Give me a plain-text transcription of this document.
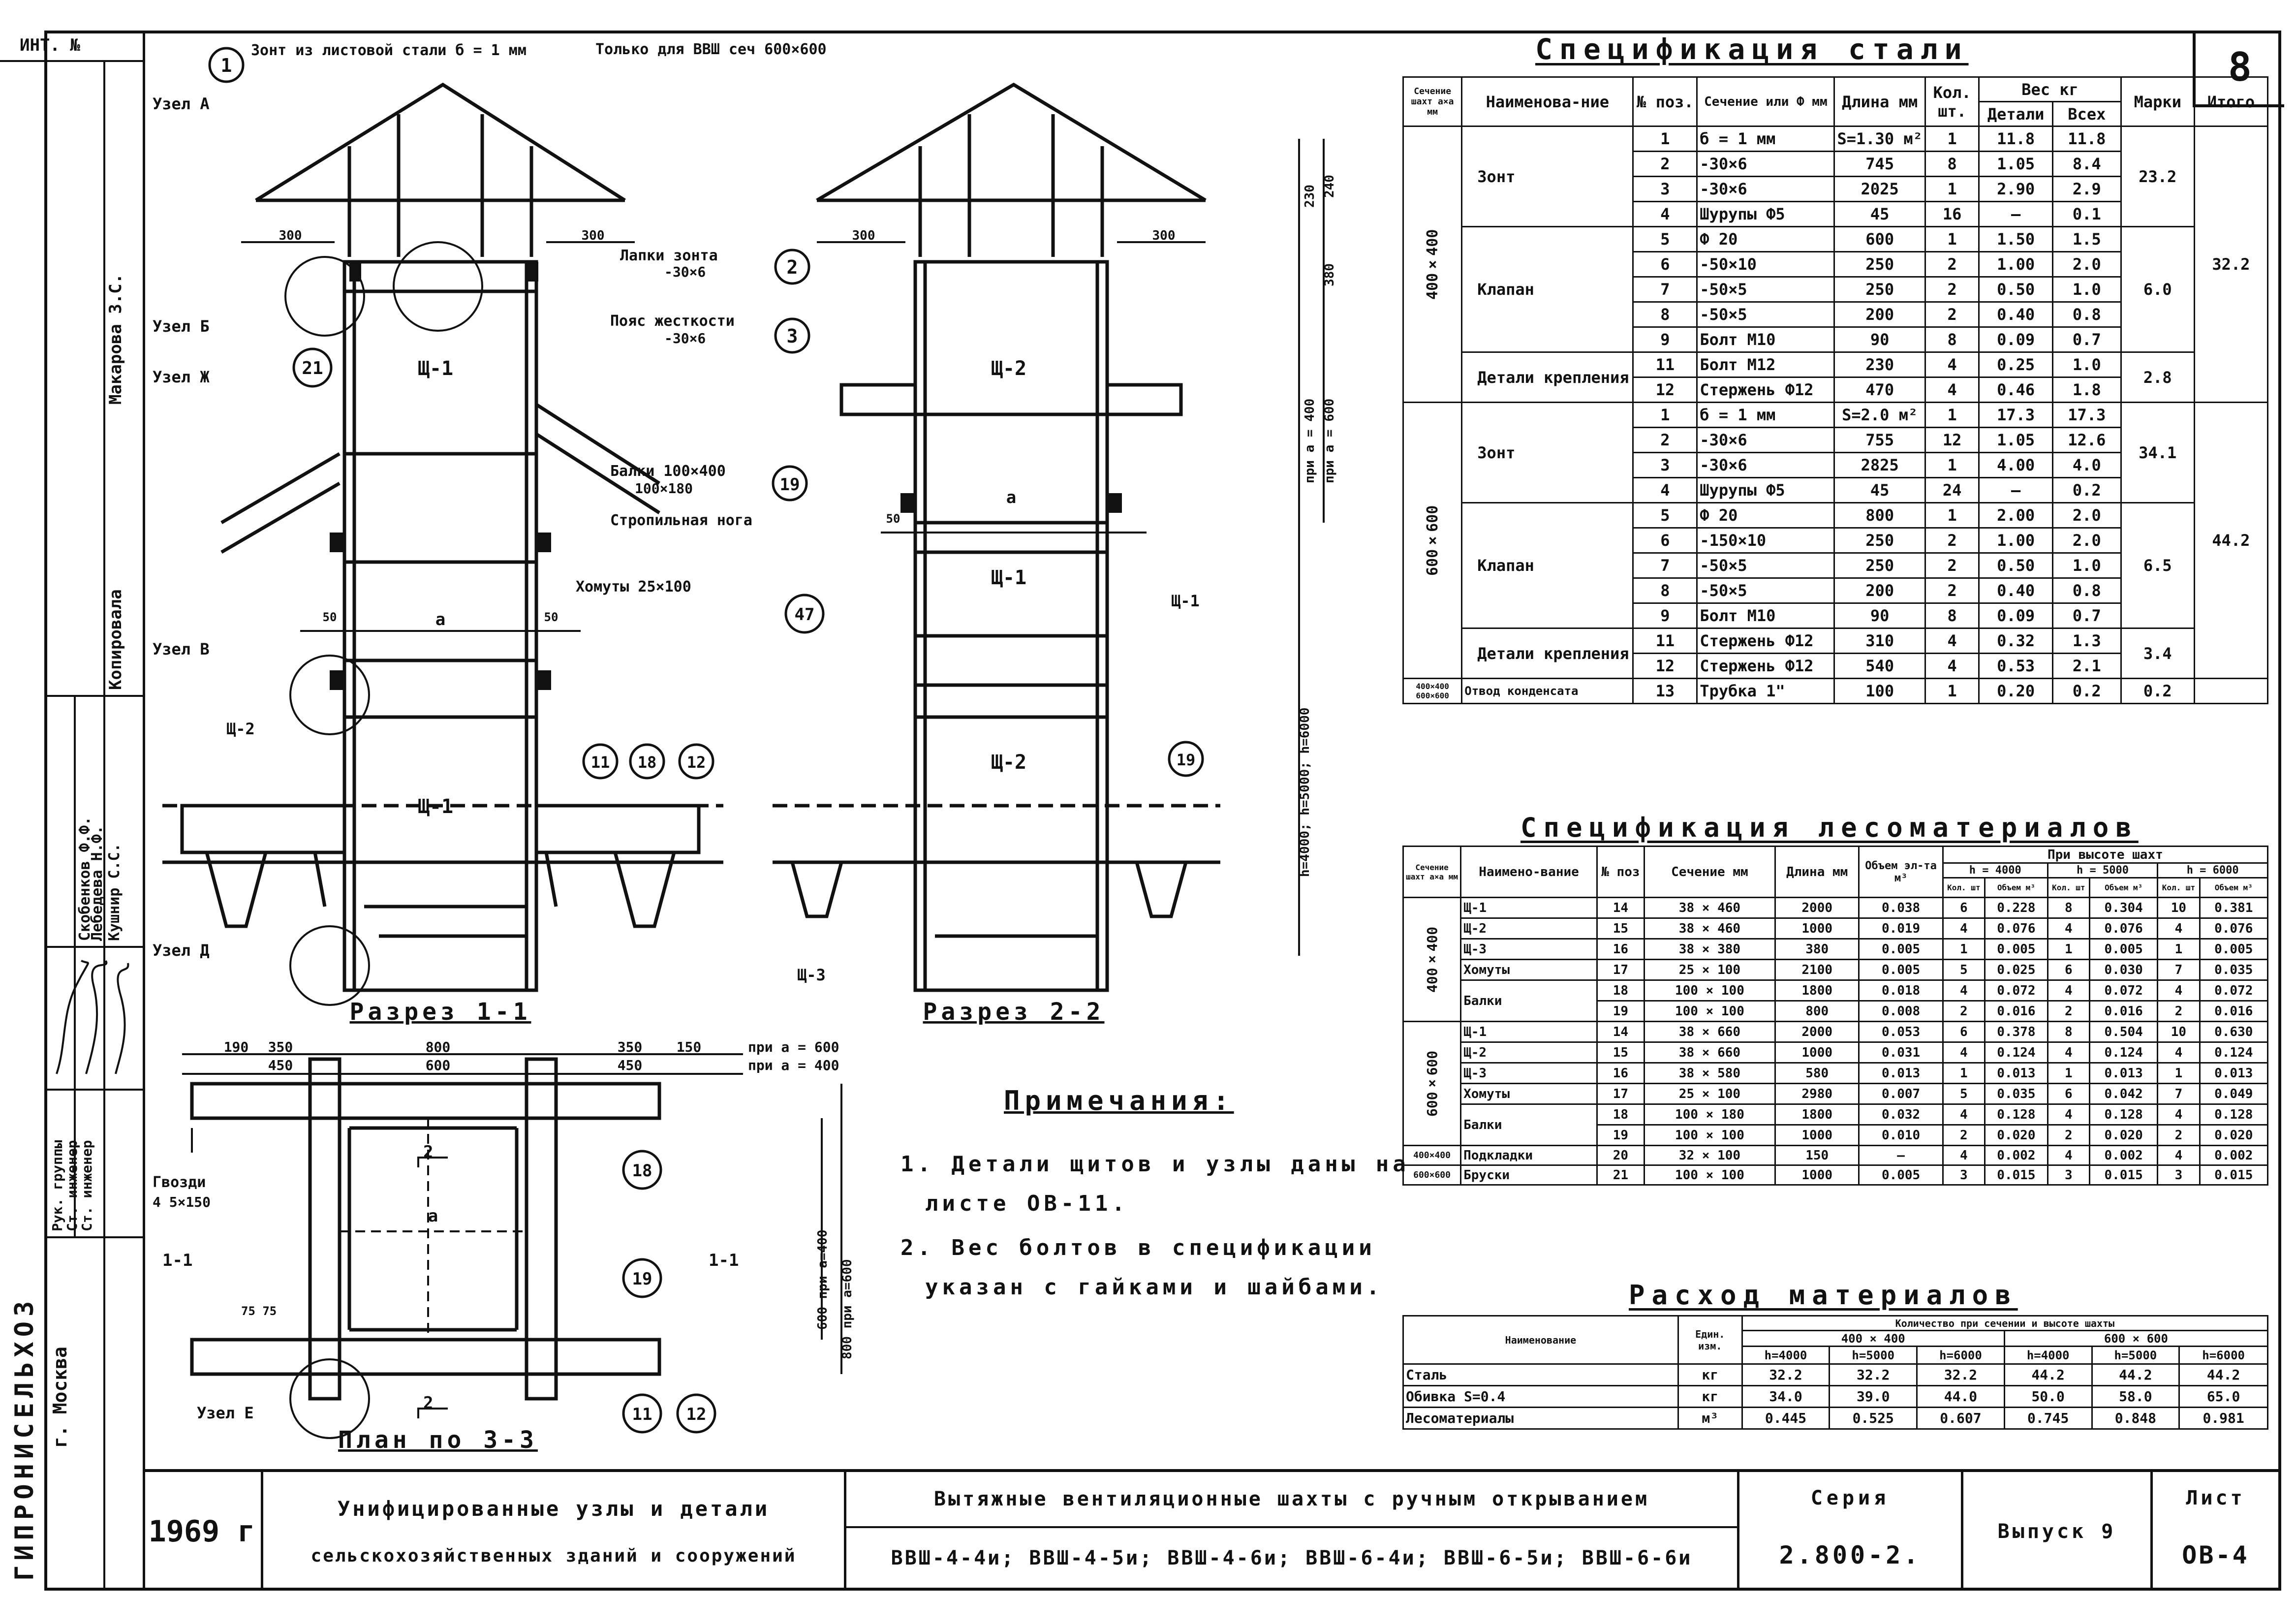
8
ИНТ. №
Макарова З.С.
Копировала
Скобенков Ф.Ф.
Лебедева Н.Ф. Кушнир С.С.
Рук. группы
Ст. инженер
Ст. инженер
ГИПРОНИСЕЛЬХОЗ г. Москва
1
2
3
21
19
47
11 18 12	19
18
19
11 12
Зонт из листовой стали б = 1 мм	Только для ВВШ сеч 600×600
Узел А
Узел Б
Узел Ж
Узел В
Узел Д
Узел Е
Лапки зонта
-30×6
Пояс жесткости
-30×6
Балки 100×400
100×180
Стропильная нога
Хомуты 25×100
Щ-1
Щ-1
Щ-2
Щ-1
Щ-2
Щ-2
Щ-1
Щ-3
а
а
а
300	300	300	300
50	50
50
800
600
190 350
450
350
450
150	при а = 600
при а = 400
Гвозди
4 5×150
75 75
1-1	1-1
2
2
600 при а=400 800 при а=600
h=4000; h=5000; h=6000
при а = 600
при а = 400
230 240
380
Разрез 1-1	Разрез 2-2
План по 3-3
Примечания:
1. Детали щитов и узлы даны на
листе ОВ-11.
2. Вес болтов в спецификации
указан с гайками и шайбами.
Спецификация стали
Сечение шахт а×а мм	Наименова-ние	№ поз.	Сечение или Ф мм	Длина мм	Кол. шт.	Вес кг		Марки	Итого
						Детали	Всех		
400×400	Зонт	1	б = 1 мм	S=1.30 м²	1	11.8	11.8	23.2	32.2
		2	-30×6	745	8	1.05	8.4		
		3	-30×6	2025	1	2.90	2.9		
		4	Шурупы Ф5	45	16	—	0.1		
	Клапан	5	Ф 20	600	1	1.50	1.5	6.0	
		6	-50×10	250	2	1.00	2.0		
		7	-50×5	250	2	0.50	1.0		
		8	-50×5	200	2	0.40	0.8		
		9	Болт М10	90	8	0.09	0.7		
	Детали крепления	11	Болт М12	230	4	0.25	1.0	2.8	
		12	Стержень Ф12	470	4	0.46	1.8		
600×600	Зонт	1	б = 1 мм	S=2.0 м²	1	17.3	17.3	34.1	44.2
		2	-30×6	755	12	1.05	12.6		
		3	-30×6	2825	1	4.00	4.0		
		4	Шурупы Ф5	45	24	—	0.2		
	Клапан	5	Ф 20	800	1	2.00	2.0	6.5	
		6	-150×10	250	2	1.00	2.0		
		7	-50×5	250	2	0.50	1.0		
		8	-50×5	200	2	0.40	0.8		
		9	Болт М10	90	8	0.09	0.7		
	Детали крепления	11	Стержень Ф12	310	4	0.32	1.3	3.4	
		12	Стержень Ф12	540	4	0.53	2.1		
400×400 600×600	Отвод конденсата	13	Трубка 1"	100	1	0.20	0.2	0.2	
Спецификация лесоматериалов
Сечение шахт а×а мм	Наимено-вание	№ поз	Сечение мм	Длина мм	Объем эл-та м³	При высоте шахт					
						h = 4000		h = 5000		h = 6000	
						Кол. шт	Объем м³	Кол. шт	Объем м³	Кол. шт	Объем м³
400×400	Щ-1	14	38 × 460	2000	0.038	6	0.228	8	0.304	10	0.381
	Щ-2	15	38 × 460	1000	0.019	4	0.076	4	0.076	4	0.076
	Щ-3	16	38 × 380	380	0.005	1	0.005	1	0.005	1	0.005
	Хомуты	17	25 × 100	2100	0.005	5	0.025	6	0.030	7	0.035
	Балки	18	100 × 100	1800	0.018	4	0.072	4	0.072	4	0.072
		19	100 × 100	800	0.008	2	0.016	2	0.016	2	0.016
600×600	Щ-1	14	38 × 660	2000	0.053	6	0.378	8	0.504	10	0.630
	Щ-2	15	38 × 660	1000	0.031	4	0.124	4	0.124	4	0.124
	Щ-3	16	38 × 580	580	0.013	1	0.013	1	0.013	1	0.013
	Хомуты	17	25 × 100	2980	0.007	5	0.035	6	0.042	7	0.049
	Балки	18	100 × 180	1800	0.032	4	0.128	4	0.128	4	0.128
		19	100 × 100	1000	0.010	2	0.020	2	0.020	2	0.020
400×400	Подкладки	20	32 × 100	150	—	4	0.002	4	0.002	4	0.002
600×600	Бруски	21	100 × 100	1000	0.005	3	0.015	3	0.015	3	0.015
Расход материалов
Наименование	Един. изм.	Количество при сечении и высоте шахты					
		400 × 400			600 × 600		
		h=4000	h=5000	h=6000	h=4000	h=5000	h=6000
Сталь	кг	32.2	32.2	32.2	44.2	44.2	44.2
Обивка S=0.4	кг	34.0	39.0	44.0	50.0	58.0	65.0
Лесоматериалы	м³	0.445	0.525	0.607	0.745	0.848	0.981
1969 г
Унифицированные узлы и детали
сельскохозяйственных зданий и сооружений
Вытяжные вентиляционные шахты с ручным открыванием
ВВШ-4-4и; ВВШ-4-5и; ВВШ-4-6и; ВВШ-6-4и; ВВШ-6-5и; ВВШ-6-6и
Серия
2.800-2.
Выпуск 9
Лист
ОВ-4
